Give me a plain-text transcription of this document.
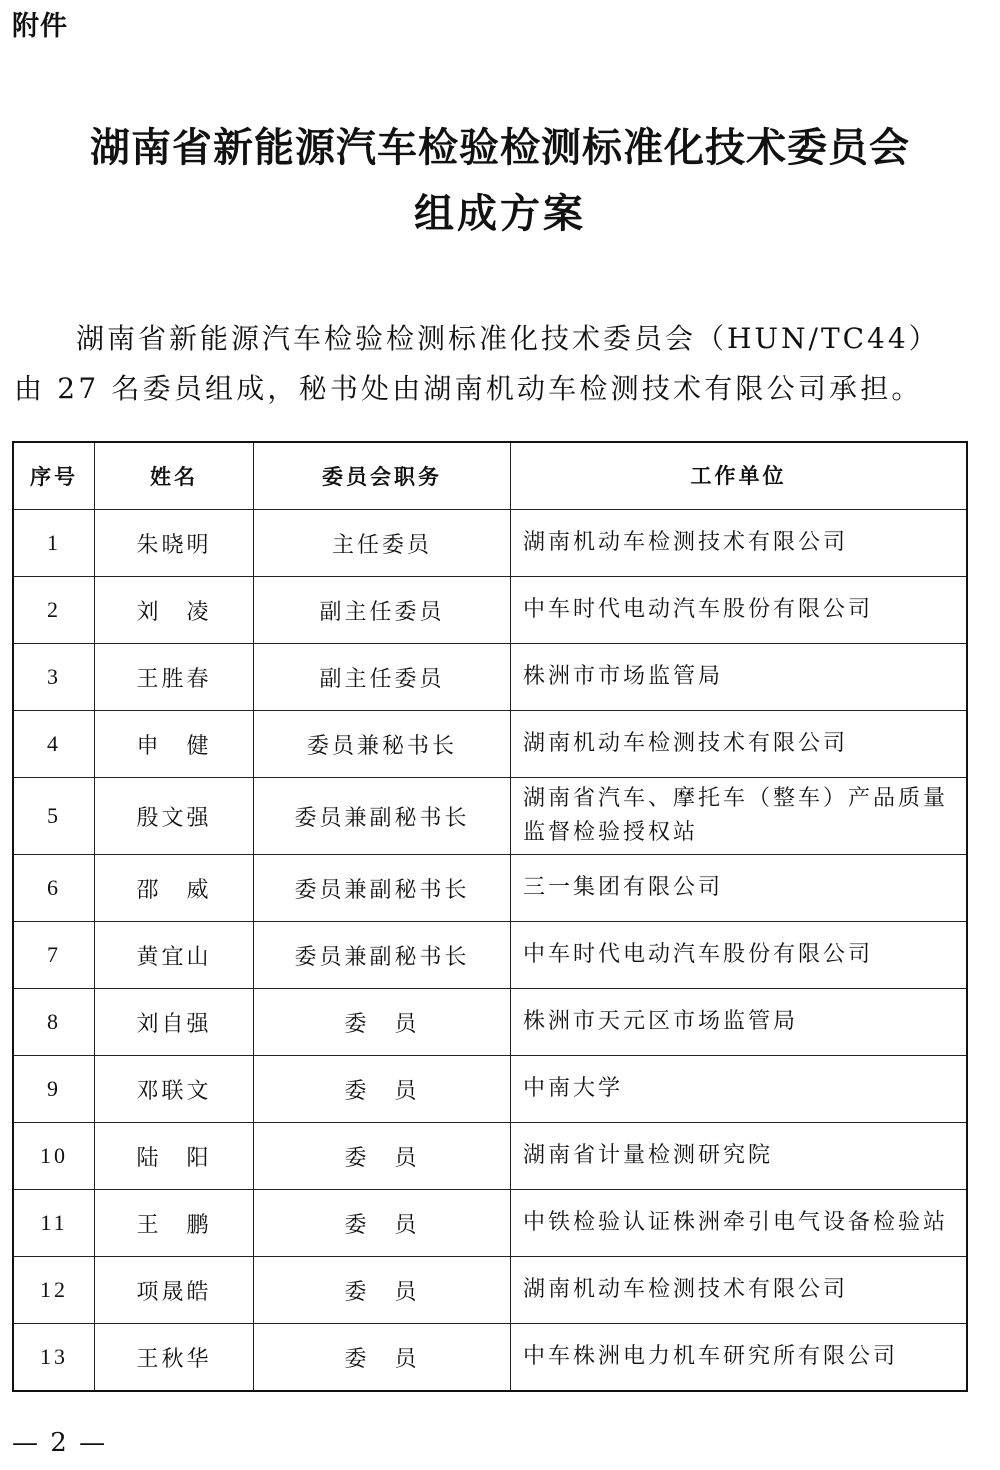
附件
湖南省新能源汽车检验检测标准化技术委员会
组成方案
湖南省新能源汽车检验检测标准化技术委员会（HUN/TC44）
由 27 名委员组成，秘书处由湖南机动车检测技术有限公司承担。
序号	姓名	委员会职务	工作单位
1	朱晓明	主任委员	湖南机动车检测技术有限公司
2	刘　凌	副主任委员	中车时代电动汽车股份有限公司
3	王胜春	副主任委员	株洲市市场监管局
4	申　健	委员兼秘书长	湖南机动车检测技术有限公司
5	殷文强	委员兼副秘书长	湖南省汽车、摩托车（整车）产品质量监督检验授权站
6	邵　威	委员兼副秘书长	三一集团有限公司
7	黄宜山	委员兼副秘书长	中车时代电动汽车股份有限公司
8	刘自强	委　员	株洲市天元区市场监管局
9	邓联文	委　员	中南大学
10	陆　阳	委　员	湖南省计量检测研究院
11	王　鹏	委　员	中铁检验认证株洲牵引电气设备检验站
12	项晟皓	委　员	湖南机动车检测技术有限公司
13	王秋华	委　员	中车株洲电力机车研究所有限公司
— 2 —
